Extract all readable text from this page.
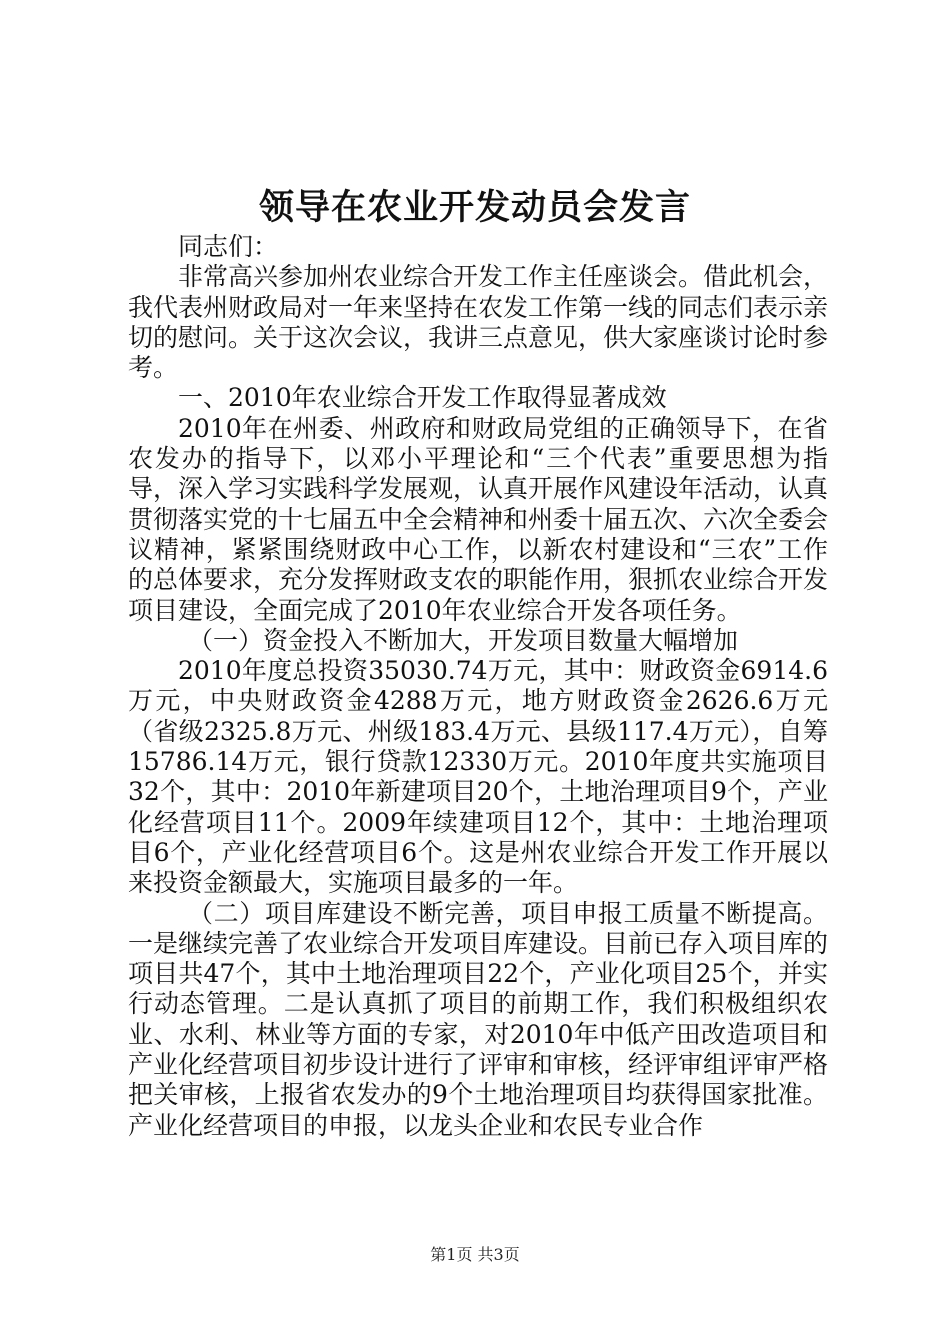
领导在农业开发动员会发言

同志们：

非常高兴参加州农业综合开发工作主任座谈会。借此机会，我代表州财政局对一年来坚持在农发工作第一线的同志们表示亲切的慰问。关于这次会议，我讲三点意见，供大家座谈讨论时参考。

一、2010年农业综合开发工作取得显著成效

2010年在州委、州政府和财政局党组的正确领导下，在省农发办的指导下，以邓小平理论和“三个代表”重要思想为指导，深入学习实践科学发展观，认真开展作风建设年活动，认真贯彻落实党的十七届五中全会精神和州委十届五次、六次全委会议精神，紧紧围绕财政中心工作，以新农村建设和“三农”工作的总体要求，充分发挥财政支农的职能作用，狠抓农业综合开发项目建设，全面完成了2010年农业综合开发各项任务。

（一）资金投入不断加大，开发项目数量大幅增加

2010年度总投资35030.74万元，其中：财政资金6914.6万元，中央财政资金4288万元，地方财政资金2626.6万元（省级2325.8万元、州级183.4万元、县级117.4万元），自筹15786.14万元，银行贷款12330万元。2010年度共实施项目32个，其中：2010年新建项目20个，土地治理项目9个，产业化经营项目11个。2009年续建项目12个，其中：土地治理项目6个，产业化经营项目6个。这是州农业综合开发工作开展以来投资金额最大，实施项目最多的一年。

（二）项目库建设不断完善，项目申报工质量不断提高。一是继续完善了农业综合开发项目库建设。目前已存入项目库的项目共47个，其中土地治理项目22个，产业化项目25个，并实行动态管理。二是认真抓了项目的前期工作，我们积极组织农业、水利、林业等方面的专家，对2010年中低产田改造项目和产业化经营项目初步设计进行了评审和审核，经评审组评审严格把关审核，上报省农发办的9个土地治理项目均获得国家批准。产业化经营项目的申报，以龙头企业和农民专业合作

第1页 共3页
